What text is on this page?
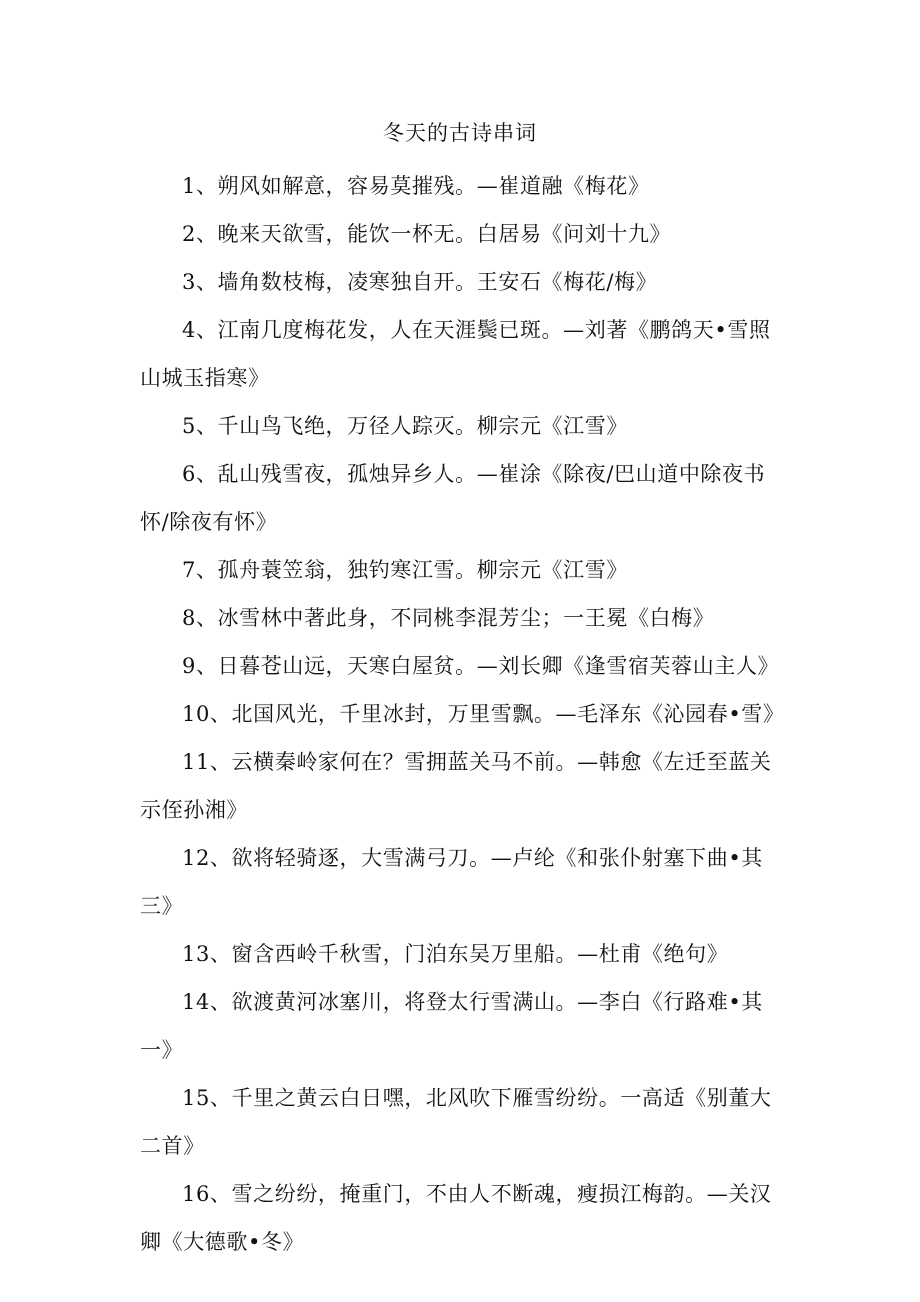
冬天的古诗串词
1、朔风如解意，容易莫摧残。—崔道融《梅花》
2、晚来天欲雪，能饮一杯无。白居易《问刘十九》
3、墙角数枝梅，凌寒独自开。王安石《梅花/梅》
4、江南几度梅花发，人在天涯鬓已斑。—刘著《鹏鸽天•雪照山城玉指寒》
5、千山鸟飞绝，万径人踪灭。柳宗元《江雪》
6、乱山残雪夜，孤烛异乡人。—崔涂《除夜/巴山道中除夜书怀/除夜有怀》
7、孤舟蓑笠翁，独钓寒江雪。柳宗元《江雪》
8、冰雪林中著此身，不同桃李混芳尘；一王冕《白梅》
9、日暮苍山远，天寒白屋贫。—刘长卿《逢雪宿芙蓉山主人》
10、北国风光，千里冰封，万里雪飘。—毛泽东《沁园春•雪》
11、云横秦岭家何在？雪拥蓝关马不前。—韩愈《左迁至蓝关示侄孙湘》
12、欲将轻骑逐，大雪满弓刀。—卢纶《和张仆射塞下曲•其三》
13、窗含西岭千秋雪，门泊东吴万里船。—杜甫《绝句》
14、欲渡黄河冰塞川，将登太行雪满山。—李白《行路难•其一》
15、千里之黄云白日嘿，北风吹下雁雪纷纷。一高适《别董大二首》
16、雪之纷纷，掩重门，不由人不断魂，瘦损江梅韵。—关汉卿《大德歌•冬》
